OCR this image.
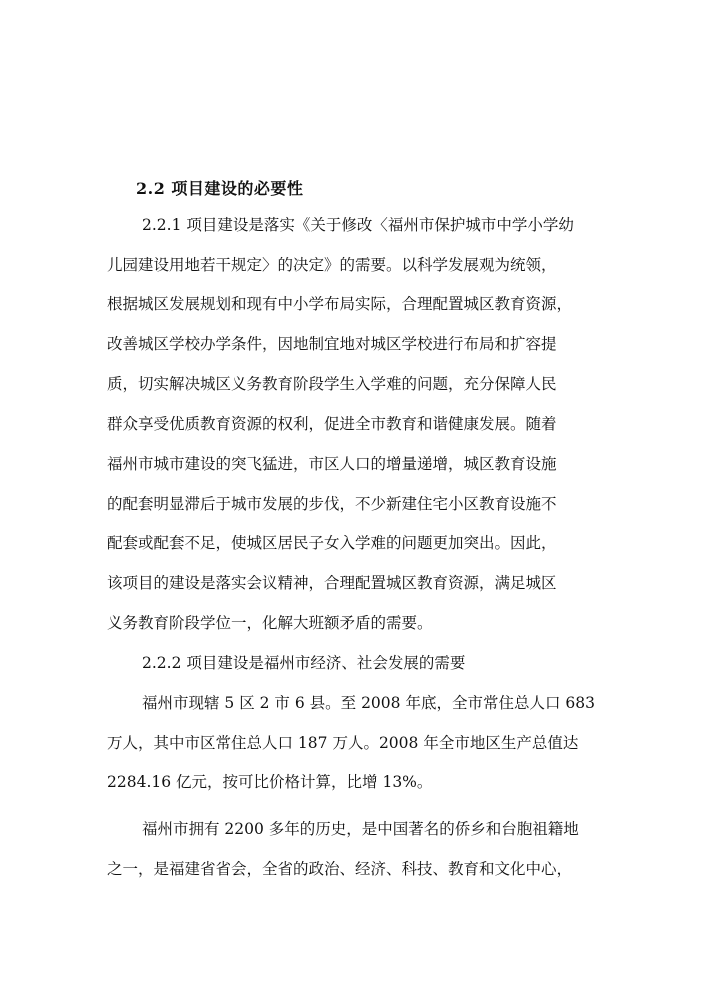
2.2 项目建设的必要性
2.2.1 项目建设是落实《关于修改〈福州市保护城市中学小学幼
儿园建设用地若干规定〉的决定》的需要。以科学发展观为统领，
根据城区发展规划和现有中小学布局实际，合理配置城区教育资源，
改善城区学校办学条件，因地制宜地对城区学校进行布局和扩容提
质，切实解决城区义务教育阶段学生入学难的问题，充分保障人民
群众享受优质教育资源的权利，促进全市教育和谐健康发展。随着
福州市城市建设的突飞猛进，市区人口的增量递增，城区教育设施
的配套明显滞后于城市发展的步伐，不少新建住宅小区教育设施不
配套或配套不足，使城区居民子女入学难的问题更加突出。因此，
该项目的建设是落实会议精神，合理配置城区教育资源，满足城区
义务教育阶段学位一，化解大班额矛盾的需要。
2.2.2 项目建设是福州市经济、社会发展的需要
福州市现辖 5 区 2 市 6 县。至 2008 年底，全市常住总人口 683
万人，其中市区常住总人口 187 万人。2008 年全市地区生产总值达
2284.16 亿元，按可比价格计算，比增 13%。
福州市拥有 2200 多年的历史，是中国著名的侨乡和台胞祖籍地
之一，是福建省省会，全省的政治、经济、科技、教育和文化中心，
